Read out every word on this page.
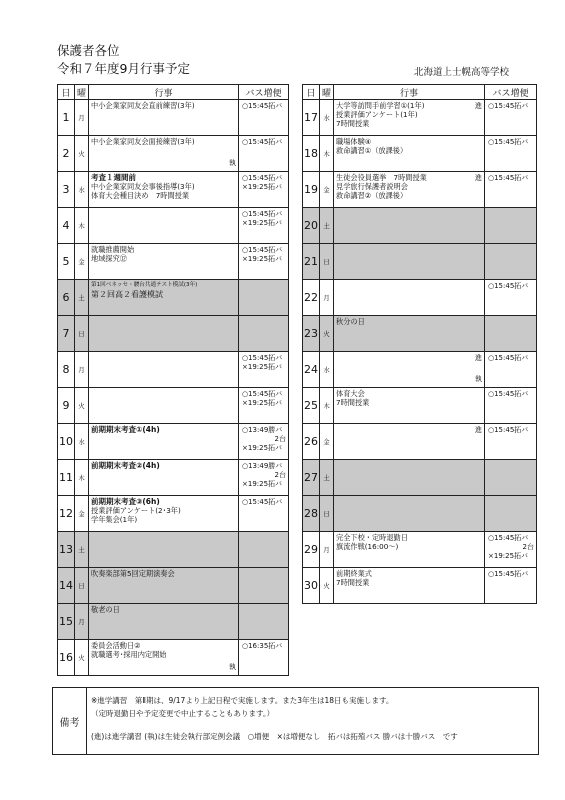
保護者各位
令和７年度9月行事予定	北海道上士幌高等学校
日	曜	行事	バス増便
1	月	中小企業家同友会直前練習(3年)	○15:45拓バ

2	火	中小企業家同友会面接練習(3年)
執	○15:45拓バ

3	水	考査１週間前
中小企業家同友会事後指導(3年)
体育大会種目決め　7時間授業	○15:45拓バ
×19:25拓バ

4	木		○15:45拓バ
×19:25拓バ

5	金	就職推薦開始
地域探究⑫	○15:45拓バ
×19:25拓バ

6	土	第1回ベネッセ・駿台共通テスト模試(3年)
第２回高２看護模試	

7	日		
8	月		○15:45拓バ
×19:25拓バ

9	火		○15:45拓バ
×19:25拓バ

10	水	前期期末考査①(4h)	○13:49勝バ
2台
×19:25拓バ

11	木	前期期末考査②(4h)	○13:49勝バ
2台
×19:25拓バ

12	金	前期期末考査③(6h)
授業評価アンケート(2･3年)
学年集会(1年)	○15:45拓バ

13	土		
14	日	吹奏楽部第5回定期演奏会	

15	月	敬老の日	

16	火	委員会活動日②
就職選考･採用内定開始
執	○16:35拓バ
日	曜	行事	バス増便
17	水	大学等訪問手前学習①(1年)
授業評価アンケート(1年)
7時間授業
進	○15:45拓バ

18	木	職場体験④
救命講習①（放課後）	○15:45拓バ

19	金	生徒会役員選挙　7時間授業
見学旅行保護者説明会
救命講習②（放課後）
進	○15:45拓バ

20	土		
21	日		
22	月		○15:45拓バ

23	火	秋分の日	

24	水	進
執	○15:45拓バ

25	木	体育大会
7時間授業	○15:45拓バ

26	金	進	○15:45拓バ

27	土		
28	日		
29	月	完全下校・定時退勤日
旗流作戦(16:00～)	○15:45拓バ
2台
×19:25拓バ

30	火	前期終業式
7時間授業	○15:45拓バ
備考
※進学講習　第Ⅱ期は、9/17より上記日程で実施します。また3年生は18日も実施します。
（定時退勤日や予定変更で中止することもあります。）
(進)は進学講習 (執)は生徒会執行部定例会議　○増便　×は増便なし　拓バは拓殖バス 勝バは十勝バス　です
